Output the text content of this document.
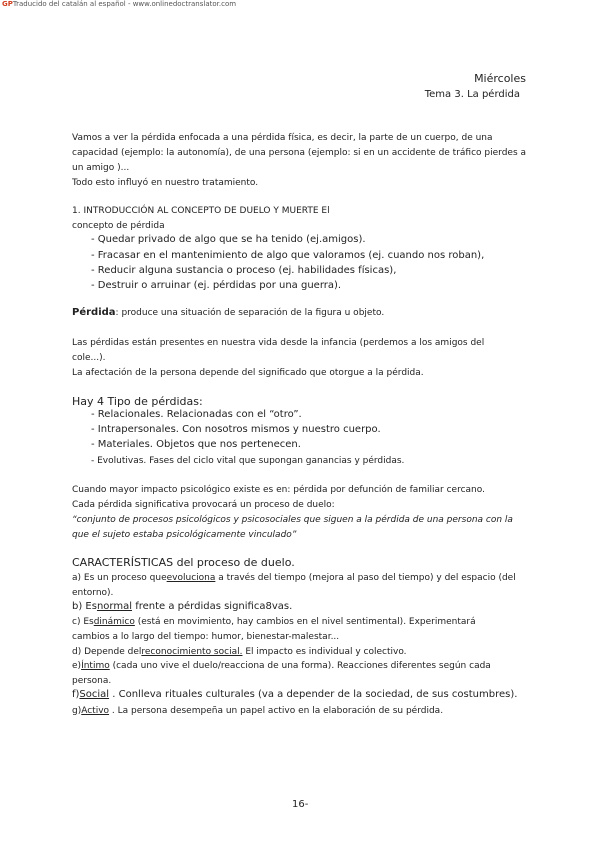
GPTraducido del catalán al español - www.onlinedoctranslator.com
Miércoles
Tema 3. La pérdida
Vamos a ver la pérdida enfocada a una pérdida física, es decir, la parte de un cuerpo, de una
capacidad (ejemplo: la autonomía), de una persona (ejemplo: si en un accidente de tráfico pierdes a
un amigo )...
Todo esto influyó en nuestro tratamiento.
1. INTRODUCCIÓN AL CONCEPTO DE DUELO Y MUERTE El
concepto de pérdida
- Quedar privado de algo que se ha tenido (ej.amigos).
- Fracasar en el mantenimiento de algo que valoramos (ej. cuando nos roban),
- Reducir alguna sustancia o proceso (ej. habilidades físicas),
- Destruir o arruinar (ej. pérdidas por una guerra).
Pérdida: produce una situación de separación de la figura u objeto.
Las pérdidas están presentes en nuestra vida desde la infancia (perdemos a los amigos del
cole...).
La afectación de la persona depende del significado que otorgue a la pérdida.
Hay 4 Tipo de pérdidas:
- Relacionales. Relacionadas con el “otro”.
- Intrapersonales. Con nosotros mismos y nuestro cuerpo.
- Materiales. Objetos que nos pertenecen.
- Evolutivas. Fases del ciclo vital que supongan ganancias y pérdidas.
Cuando mayor impacto psicológico existe es en: pérdida por defunción de familiar cercano.
Cada pérdida significativa provocará un proceso de duelo:
“conjunto de procesos psicológicos y psicosociales que siguen a la pérdida de una persona con la
que el sujeto estaba psicológicamente vinculado”
CARACTERÍSTICAS del proceso de duelo.
a) Es un proceso queevoluciona a través del tiempo (mejora al paso del tiempo) y del espacio (del
entorno).
b) Esnormal frente a pérdidas significa8vas.
c) Esdinámico (está en movimiento, hay cambios en el nivel sentimental). Experimentará
cambios a lo largo del tiempo: humor, bienestar-malestar...
d) Depende delreconocimiento social. El impacto es individual y colectivo.
e)Íntimo (cada uno vive el duelo/reacciona de una forma). Reacciones diferentes según cada
persona.
f)Social . Conlleva rituales culturales (va a depender de la sociedad, de sus costumbres).
g)Activo . La persona desempeña un papel activo en la elaboración de su pérdida.
16-
